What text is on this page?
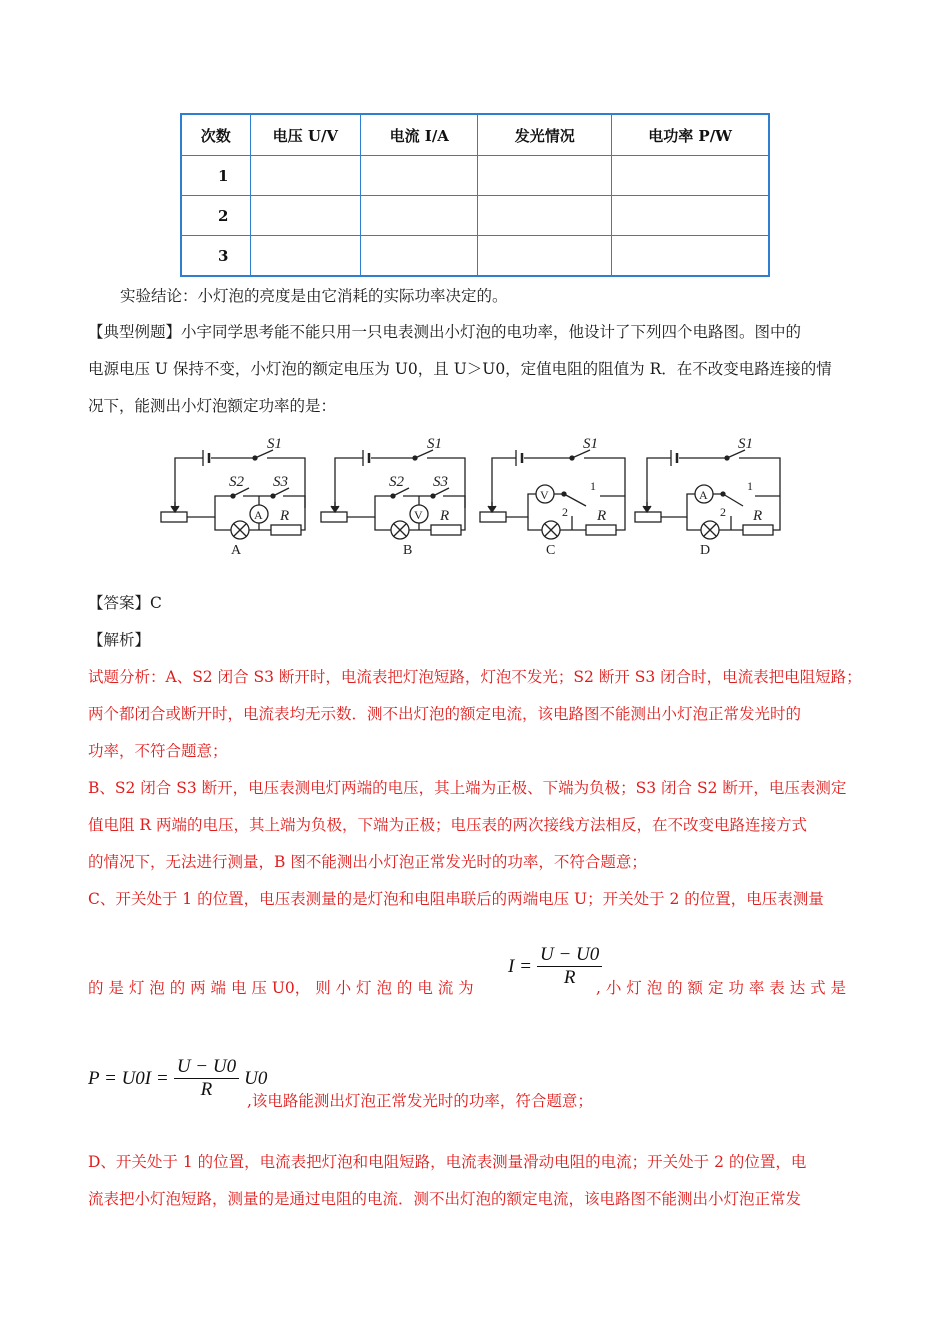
次数	电压 U/V	电流 I/A	发光情况	电功率 P/W
1				
2				
3				
实验结论：小灯泡的亮度是由它消耗的实际功率决定的。
【典型例题】小宇同学思考能不能只用一只电表测出小灯泡的电功率，他设计了下列四个电路图。图中的
电源电压 U 保持不变，小灯泡的额定电压为 U0，且 U＞U0，定值电阻的阻值为 R．在不改变电路连接的情
况下，能测出小灯泡额定功率的是：
S1
S2 S3
R
A
A
S1
S2 S3
R
V
B
S1
V
1
2 R
C
S1
A
1
2 R
D
【答案】C
【解析】
试题分析：A、S2 闭合 S3 断开时，电流表把灯泡短路，灯泡不发光；S2 断开 S3 闭合时，电流表把电阻短路；
两个都闭合或断开时，电流表均无示数．测不出灯泡的额定电流，该电路图不能测出小灯泡正常发光时的
功率，不符合题意；
B、S2 闭合 S3 断开，电压表测电灯两端的电压，其上端为正极、下端为负极；S3 闭合 S2 断开，电压表测定
值电阻 R 两端的电压，其上端为负极，下端为正极；电压表的两次接线方法相反，在不改变电路连接方式
的情况下，无法进行测量，B 图不能测出小灯泡正常发光时的功率，不符合题意；
C、开关处于 1 的位置，电压表测量的是灯泡和电阻串联后的两端电压 U；开关处于 2 的位置，电压表测量
的 是 灯 泡 的 两 端 电 压 U0， 则 小 灯 泡 的 电 流 为
$I = \frac{U - U0}{R}$
, 小 灯 泡 的 额 定 功 率 表 达 式 是
$P = U0I = \frac{U - U0}{R} U0$
,该电路能测出灯泡正常发光时的功率，符合题意；
D、开关处于 1 的位置，电流表把灯泡和电阻短路，电流表测量滑动电阻的电流；开关处于 2 的位置，电
流表把小灯泡短路，测量的是通过电阻的电流．测不出灯泡的额定电流，该电路图不能测出小灯泡正常发
